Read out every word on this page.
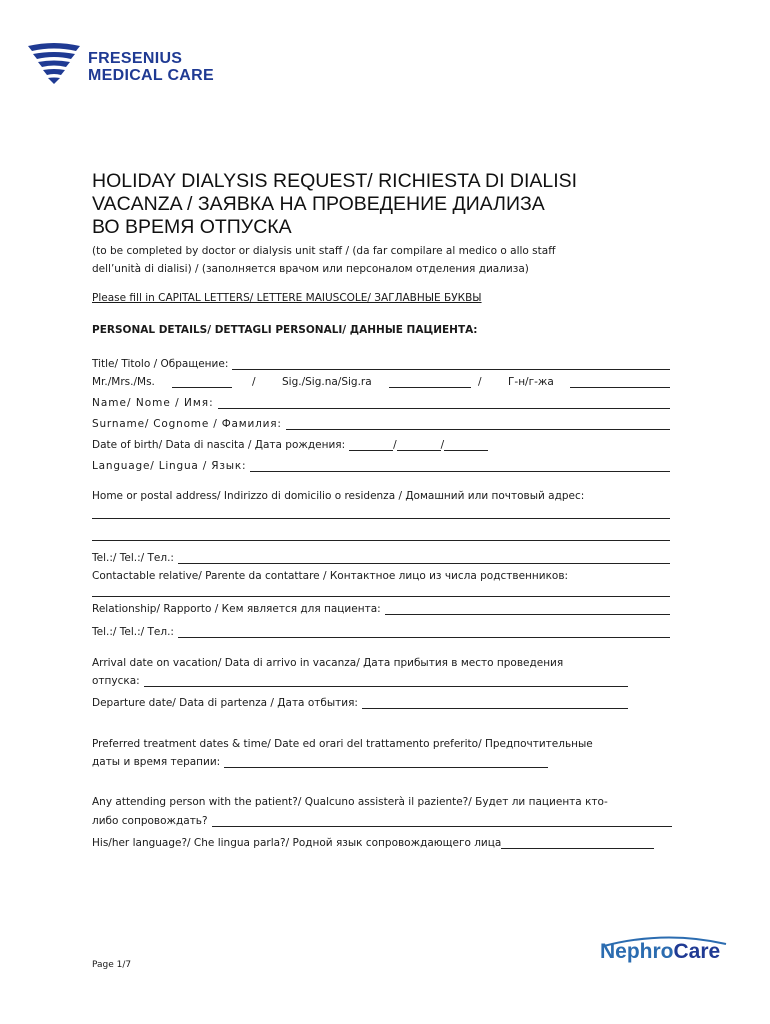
FRESENIUS
MEDICAL CARE
HOLIDAY DIALYSIS REQUEST/ RICHIESTA DI DIALISI
VACANZA / ЗАЯВКА НА ПРОВЕДЕНИЕ ДИАЛИЗА
ВО ВРЕМЯ ОТПУСКА
(to be completed by doctor or dialysis unit staff / (da far compilare al medico o allo staff
dell’unità di dialisi) / (заполняется врачом или персоналом отделения диализа)
Please fill in CAPITAL LETTERS/ LETTERE MAIUSCOLE/ ЗАГЛАВНЫЕ БУКВЫ
PERSONAL DETAILS/ DETTAGLI PERSONALI/ ДАННЫЕ ПАЦИЕНТА:
Title/ Titolo / Обращение:
Mr./Mrs./Ms.	/	Sig./Sig.na/Sig.ra	/	Г-н/г-жа
Name/ Nome / Имя:
Surname/ Cognome / Фамилия:
Date of birth/ Data di nascita / Дата рождения:	/	/
Language/ Lingua / Язык:
Home or postal address/ Indirizzo di domicilio o residenza / Домашний или почтовый адрес:
Tel.:/ Tel.:/ Тел.:
Contactable relative/ Parente da contattare / Контактное лицо из числа родственников:
Relationship/ Rapporto / Кем является для пациента:
Tel.:/ Tel.:/ Тел.:
Arrival date on vacation/ Data di arrivo in vacanza/ Дата прибытия в место проведения
отпуска:
Departure date/ Data di partenza / Дата отбытия:
Preferred treatment dates & time/ Date ed orari del trattamento preferito/ Предпочтительные
даты и время терапии:
Any attending person with the patient?/ Qualcuno assisterà il paziente?/ Будет ли пациента кто-
либо сопровождать?
His/her language?/ Che lingua parla?/ Родной язык сопровождающего лица
Page 1/7
NephroCare
